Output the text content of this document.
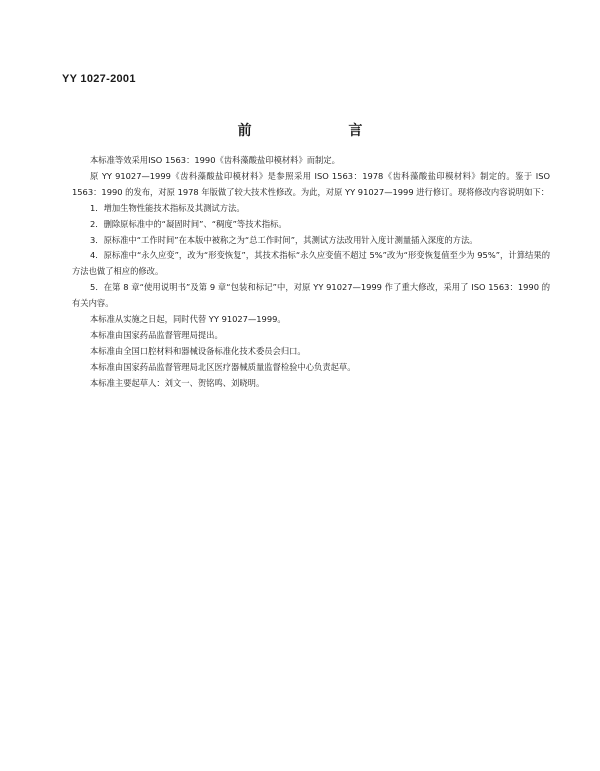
YY 1027-2001
前 言

本标准等效采用ISO 1563：1990《齿科藻酸盐印模材料》而制定。

原 YY 91027—1999《齿科藻酸盐印模材料》是参照采用 ISO 1563：1978《齿科藻酸盐印模材料》制定的。鉴于 ISO 1563：1990 的发布，对原 1978 年版做了较大技术性修改。为此，对原 YY 91027—1999 进行修订。现将修改内容说明如下：

1．增加生物性能技术指标及其测试方法。

2．删除原标准中的“凝固时间”、“稠度”等技术指标。

3．原标准中“工作时间”在本版中被称之为“总工作时间”，其测试方法改用针入度计测量插入深度的方法。

4．原标准中“永久应变”，改为“形变恢复”，其技术指标“永久应变值不超过 5%”改为“形变恢复值至少为 95%”，计算结果的方法也做了相应的修改。

5．在第 8 章“使用说明书”及第 9 章“包装和标记”中，对原 YY 91027—1999 作了重大修改，采用了 ISO 1563：1990 的有关内容。

本标准从实施之日起，同时代替 YY 91027—1999。

本标准由国家药品监督管理局提出。

本标准由全国口腔材料和器械设备标准化技术委员会归口。

本标准由国家药品监督管理局北区医疗器械质量监督检验中心负责起草。

本标准主要起草人：刘文一、贺铭鸣、刘晓明。
